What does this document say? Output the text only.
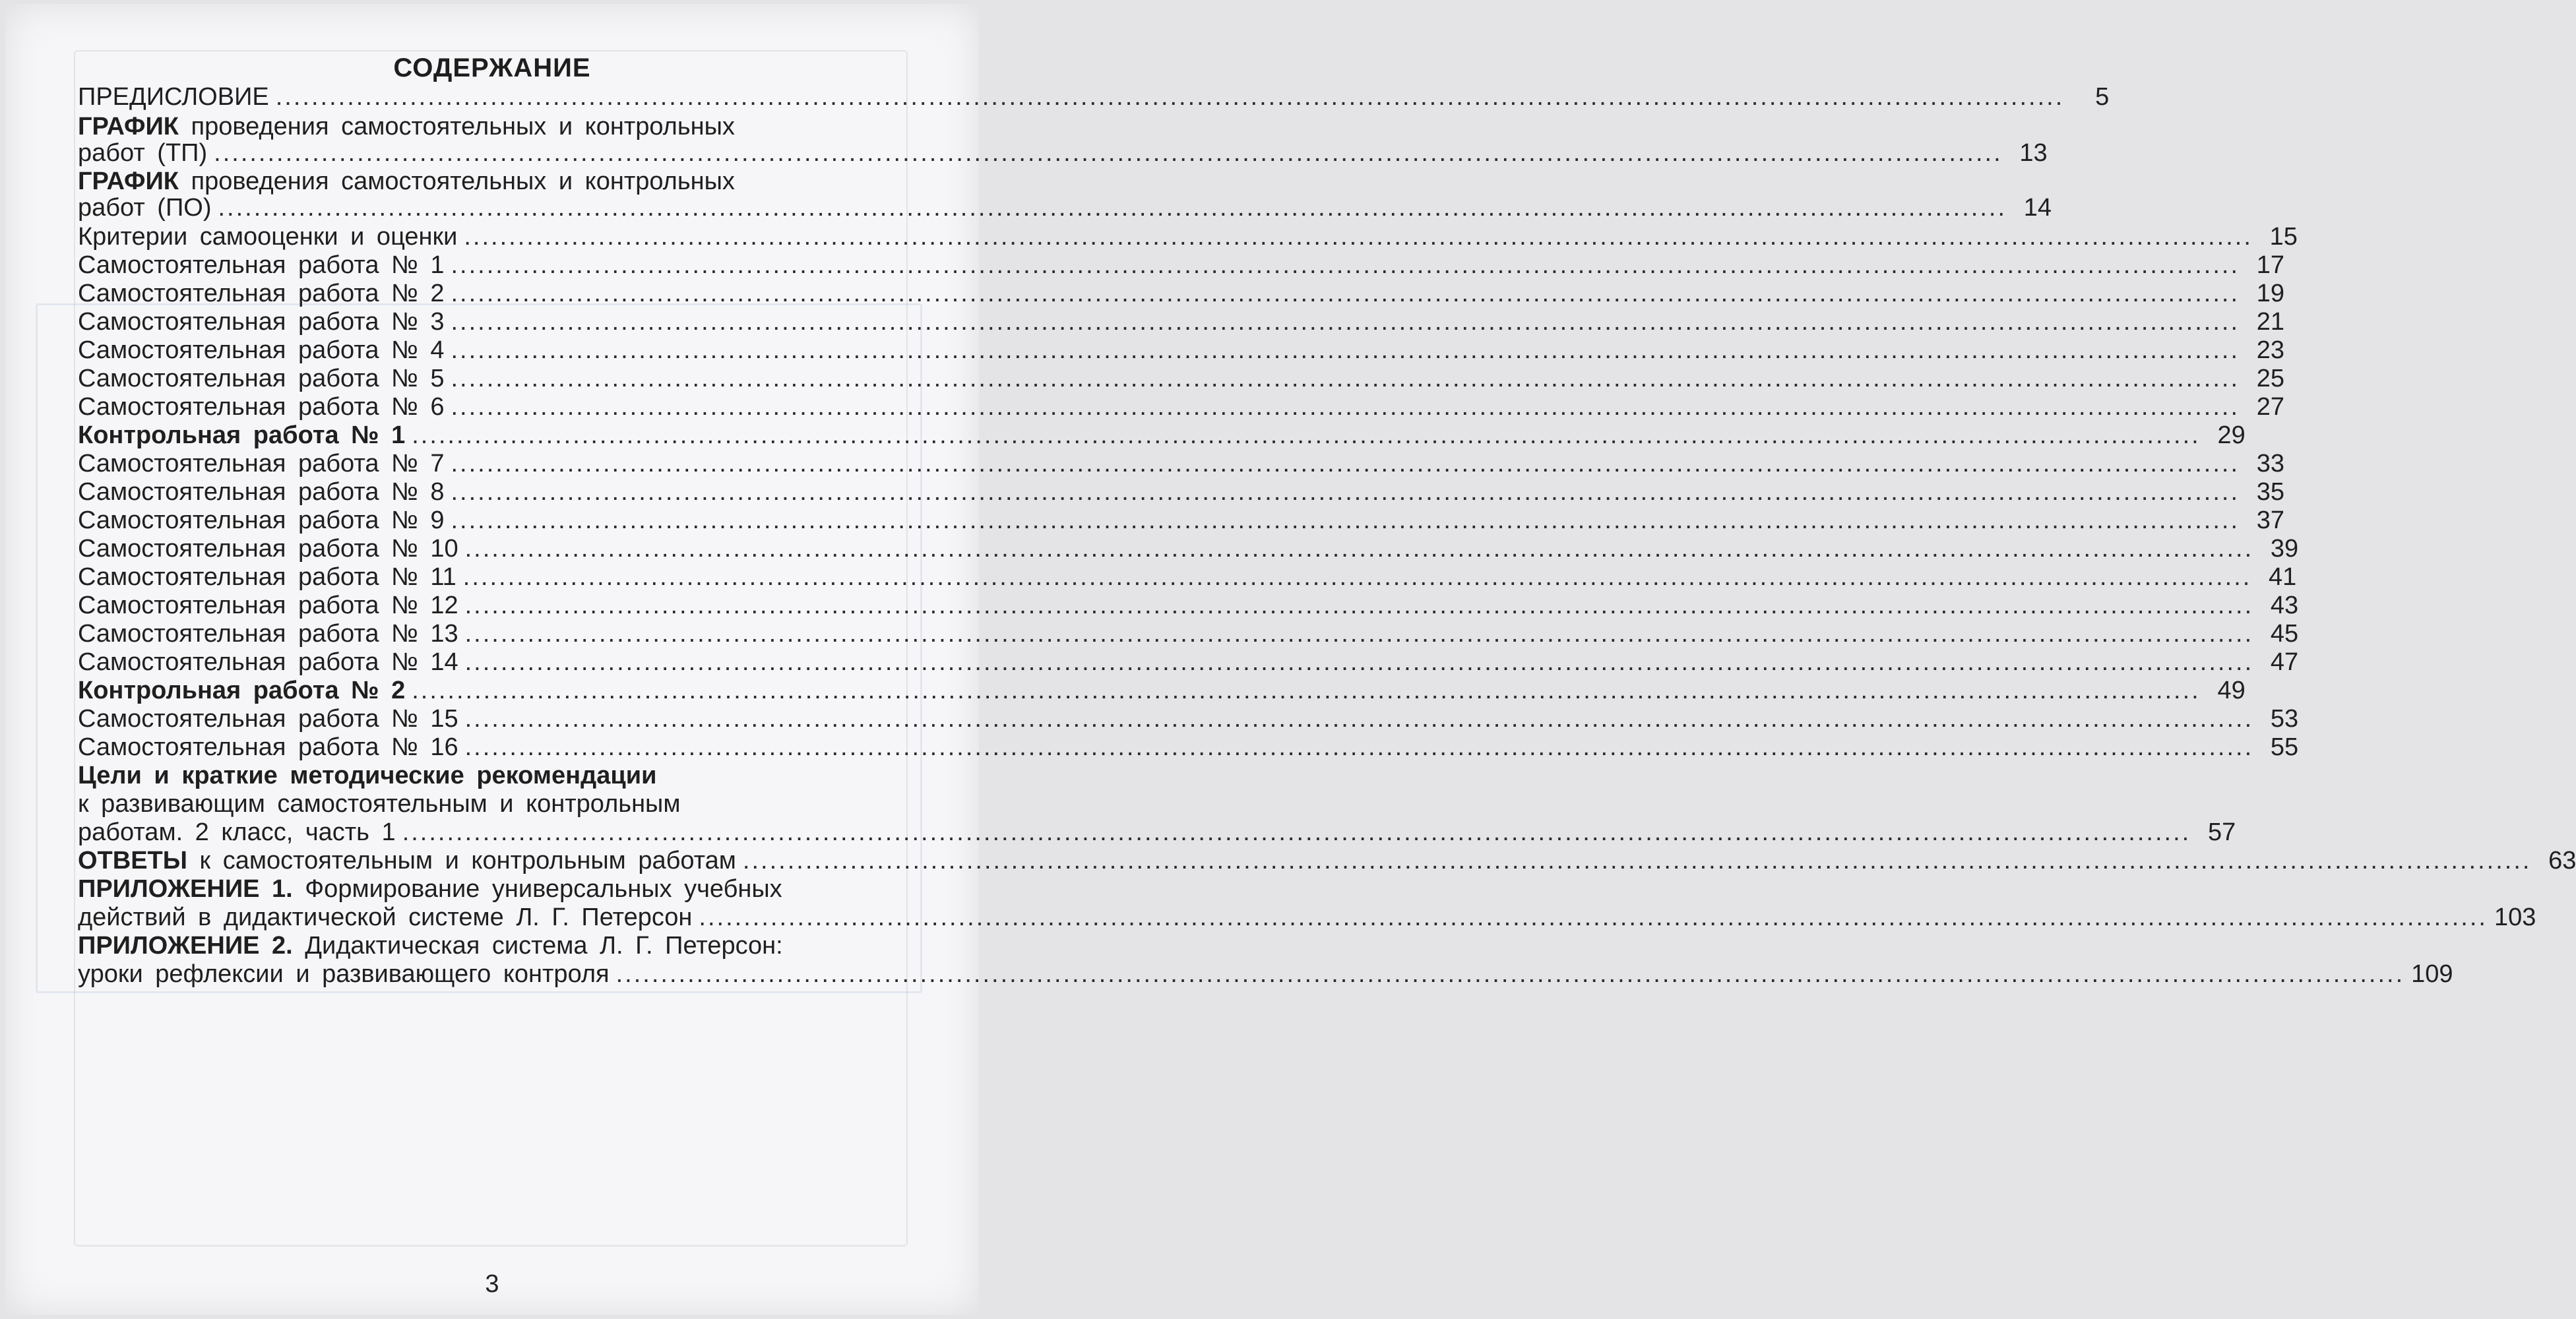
СОДЕРЖАНИЕ
ПРЕДИСЛОВИЕ ........................................................................................................................................................................................................	5
ГРАФИК проведения самостоятельных и контрольных
работ (ТП) ........................................................................................................................................................................................................ 13
ГРАФИК проведения самостоятельных и контрольных
работ (ПО) ........................................................................................................................................................................................................ 14
Критерии самооценки и оценки ........................................................................................................................................................................................................ 15
Самостоятельная работа № 1 ........................................................................................................................................................................................................ 17
Самостоятельная работа № 2 ........................................................................................................................................................................................................ 19
Самостоятельная работа № 3 ........................................................................................................................................................................................................ 21
Самостоятельная работа № 4 ........................................................................................................................................................................................................ 23
Самостоятельная работа № 5 ........................................................................................................................................................................................................ 25
Самостоятельная работа № 6 ........................................................................................................................................................................................................ 27
Контрольная работа № 1 ........................................................................................................................................................................................................ 29
Самостоятельная работа № 7 ........................................................................................................................................................................................................ 33
Самостоятельная работа № 8 ........................................................................................................................................................................................................ 35
Самостоятельная работа № 9 ........................................................................................................................................................................................................ 37
Самостоятельная работа № 10 ........................................................................................................................................................................................................ 39
Самостоятельная работа № 11 ........................................................................................................................................................................................................ 41
Самостоятельная работа № 12 ........................................................................................................................................................................................................ 43
Самостоятельная работа № 13 ........................................................................................................................................................................................................ 45
Самостоятельная работа № 14 ........................................................................................................................................................................................................ 47
Контрольная работа № 2 ........................................................................................................................................................................................................ 49
Самостоятельная работа № 15 ........................................................................................................................................................................................................ 53
Самостоятельная работа № 16 ........................................................................................................................................................................................................ 55
Цели и краткие методические рекомендации
к развивающим самостоятельным и контрольным
работам. 2 класс, часть 1 ........................................................................................................................................................................................................ 57
ОТВЕТЫ к самостоятельным и контрольным работам ........................................................................................................................................................................................................ 63
ПРИЛОЖЕНИЕ 1. Формирование универсальных учебных
действий в дидактической системе Л. Г. Петерсон ........................................................................................................................................................................................................ 103
ПРИЛОЖЕНИЕ 2. Дидактическая система Л. Г. Петерсон:
уроки рефлексии и развивающего контроля ........................................................................................................................................................................................................ 109
3
